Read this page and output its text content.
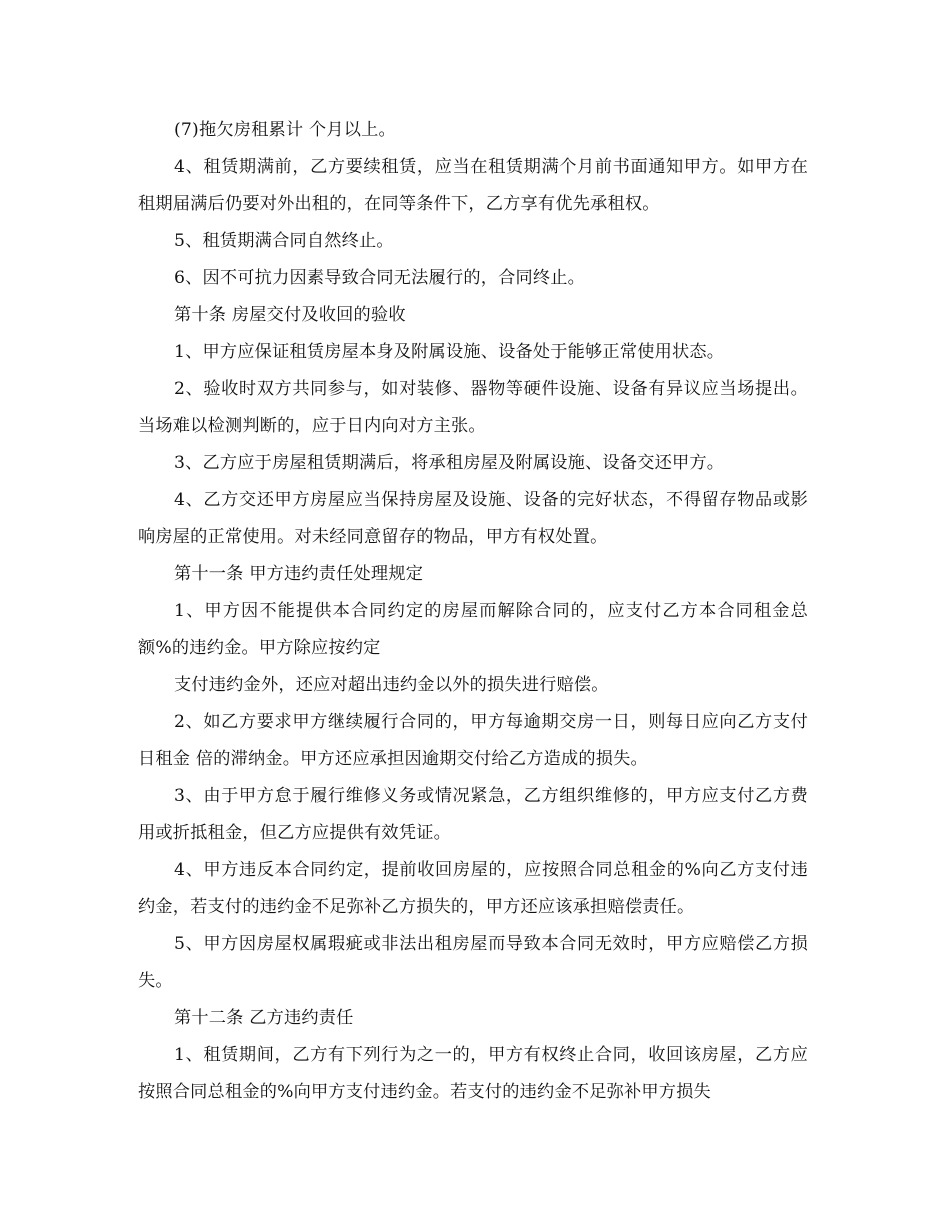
(7)拖欠房租累计 个月以上。

4、租赁期满前，乙方要续租赁，应当在租赁期满个月前书面通知甲方。如甲方在租期届满后仍要对外出租的，在同等条件下，乙方享有优先承租权。

5、租赁期满合同自然终止。

6、因不可抗力因素导致合同无法履行的，合同终止。

第十条 房屋交付及收回的验收

1、甲方应保证租赁房屋本身及附属设施、设备处于能够正常使用状态。

2、验收时双方共同参与，如对装修、器物等硬件设施、设备有异议应当场提出。当场难以检测判断的，应于日内向对方主张。

3、乙方应于房屋租赁期满后，将承租房屋及附属设施、设备交还甲方。

4、乙方交还甲方房屋应当保持房屋及设施、设备的完好状态，不得留存物品或影响房屋的正常使用。对未经同意留存的物品，甲方有权处置。

第十一条 甲方违约责任处理规定

1、甲方因不能提供本合同约定的房屋而解除合同的，应支付乙方本合同租金总额%的违约金。甲方除应按约定

支付违约金外，还应对超出违约金以外的损失进行赔偿。

2、如乙方要求甲方继续履行合同的，甲方每逾期交房一日，则每日应向乙方支付日租金 倍的滞纳金。甲方还应承担因逾期交付给乙方造成的损失。

3、由于甲方怠于履行维修义务或情况紧急，乙方组织维修的，甲方应支付乙方费用或折抵租金，但乙方应提供有效凭证。

4、甲方违反本合同约定，提前收回房屋的，应按照合同总租金的%向乙方支付违约金，若支付的违约金不足弥补乙方损失的，甲方还应该承担赔偿责任。

5、甲方因房屋权属瑕疵或非法出租房屋而导致本合同无效时，甲方应赔偿乙方损失。

第十二条 乙方违约责任

1、租赁期间，乙方有下列行为之一的，甲方有权终止合同，收回该房屋，乙方应按照合同总租金的%向甲方支付违约金。若支付的违约金不足弥补甲方损失
